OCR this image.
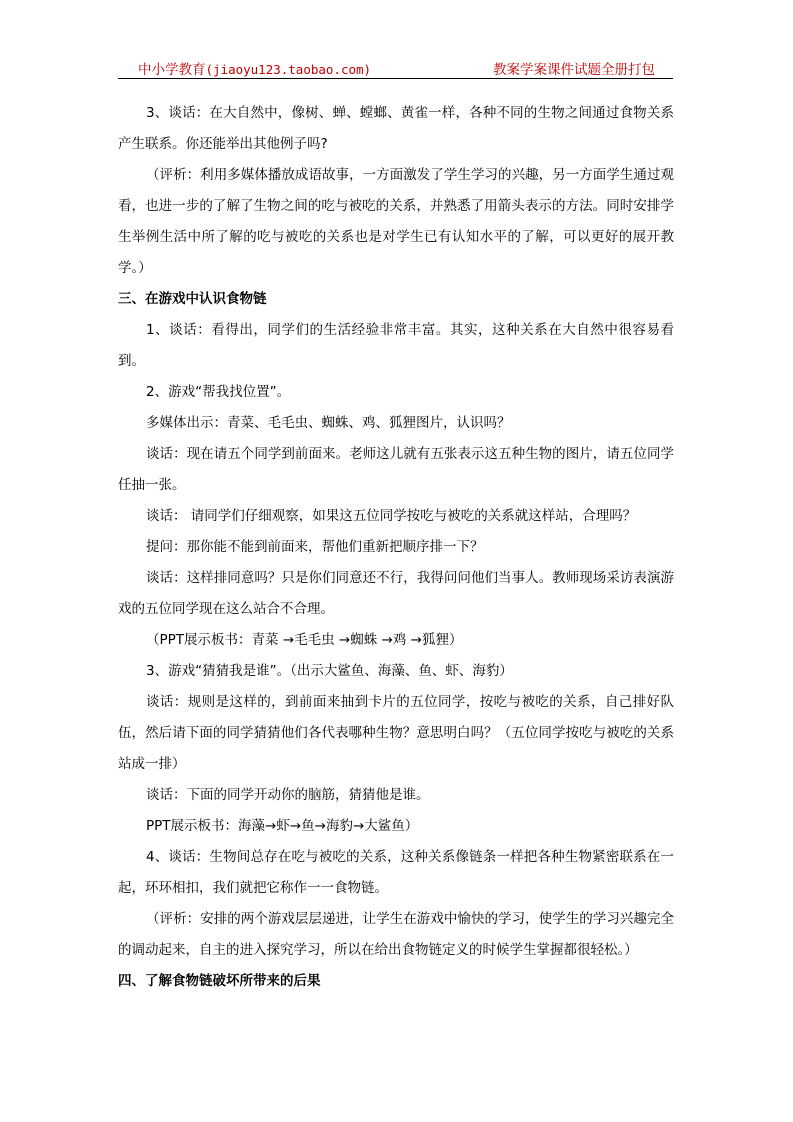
中小学教育(jiaoyu123.taobao.com)	教案学案课件试题全册打包

3、谈话：在大自然中，像树、蝉、螳螂、黄雀一样，各种不同的生物之间通过食物关系产生联系。你还能举出其他例子吗?

（评析：利用多媒体播放成语故事，一方面激发了学生学习的兴趣，另一方面学生通过观看，也进一步的了解了生物之间的吃与被吃的关系，并熟悉了用箭头表示的方法。同时安排学生举例生活中所了解的吃与被吃的关系也是对学生已有认知水平的了解，可以更好的展开教学。）

三、在游戏中认识食物链

1、谈话：看得出，同学们的生活经验非常丰富。其实，这种关系在大自然中很容易看到。

2、游戏“帮我找位置”。

多媒体出示：青菜、毛毛虫、蜘蛛、鸡、狐狸图片，认识吗？

谈话：现在请五个同学到前面来。老师这儿就有五张表示这五种生物的图片，请五位同学任抽一张。

谈话： 请同学们仔细观察，如果这五位同学按吃与被吃的关系就这样站，合理吗？

提问：那你能不能到前面来，帮他们重新把顺序排一下？

谈话：这样排同意吗？只是你们同意还不行，我得问问他们当事人。教师现场采访表演游戏的五位同学现在这么站合不合理。

（PPT展示板书：青菜 →毛毛虫 →蜘蛛 →鸡 →狐狸）

3、游戏“猜猜我是谁”。（出示大鲨鱼、海藻、鱼、虾、海豹）

谈话：规则是这样的，到前面来抽到卡片的五位同学，按吃与被吃的关系，自己排好队伍，然后请下面的同学猜猜他们各代表哪种生物？意思明白吗？（五位同学按吃与被吃的关系站成一排）

谈话：下面的同学开动你的脑筋，猜猜他是谁。

PPT展示板书：海藻→虾→鱼→海豹→大鲨鱼）

4、谈话：生物间总存在吃与被吃的关系，这种关系像链条一样把各种生物紧密联系在一起，环环相扣，我们就把它称作一一食物链。

（评析：安排的两个游戏层层递进，让学生在游戏中愉快的学习，使学生的学习兴趣完全的调动起来，自主的进入探究学习，所以在给出食物链定义的时候学生掌握都很轻松。）

四、了解食物链破坏所带来的后果
